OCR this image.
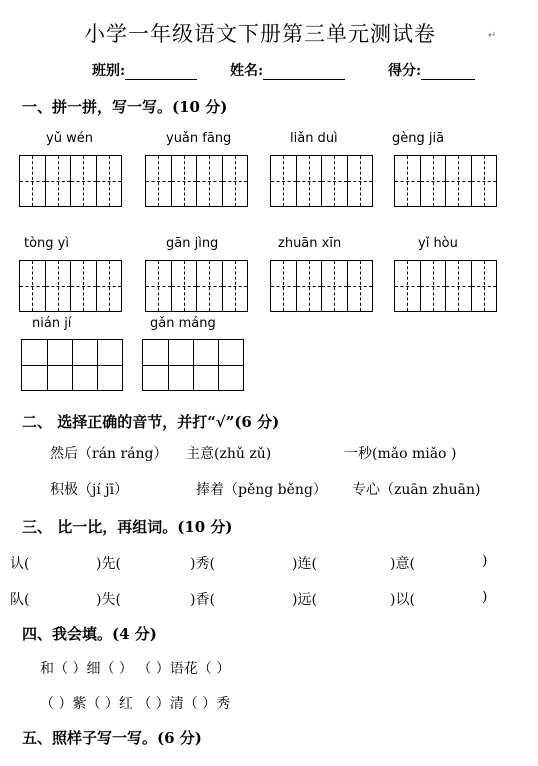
小学一年级语文下册第三单元测试卷	↵
班别:	姓名:	得分:
一、拼一拼，写一写。(10 分)
yǔ wén	yuǎn fāng	liǎn duì	gèng jiā
tòng yì	gān jìng	zhuān xīn	yǐ hòu
nián jí	gǎn máng
二、 选择正确的音节，并打“√”(6 分)
然后（rán ráng） 主意(zhǔ zǔ)	一秒(mǎo miǎo )
积极（jí jī）	捧着（pěng běng） 专心（zuān zhuān)
三、 比一比，再组词。(10 分)
认(	)先(	)秀(	)连(	)意(	)
队(	)失(	)香(	)远(	)以(	)
四、我会填。(4 分)
和（ ）细（ ） （ ）语花（ ）
（ ）紫（ ）红 （ ）清（ ）秀
五、照样子写一写。(6 分)
